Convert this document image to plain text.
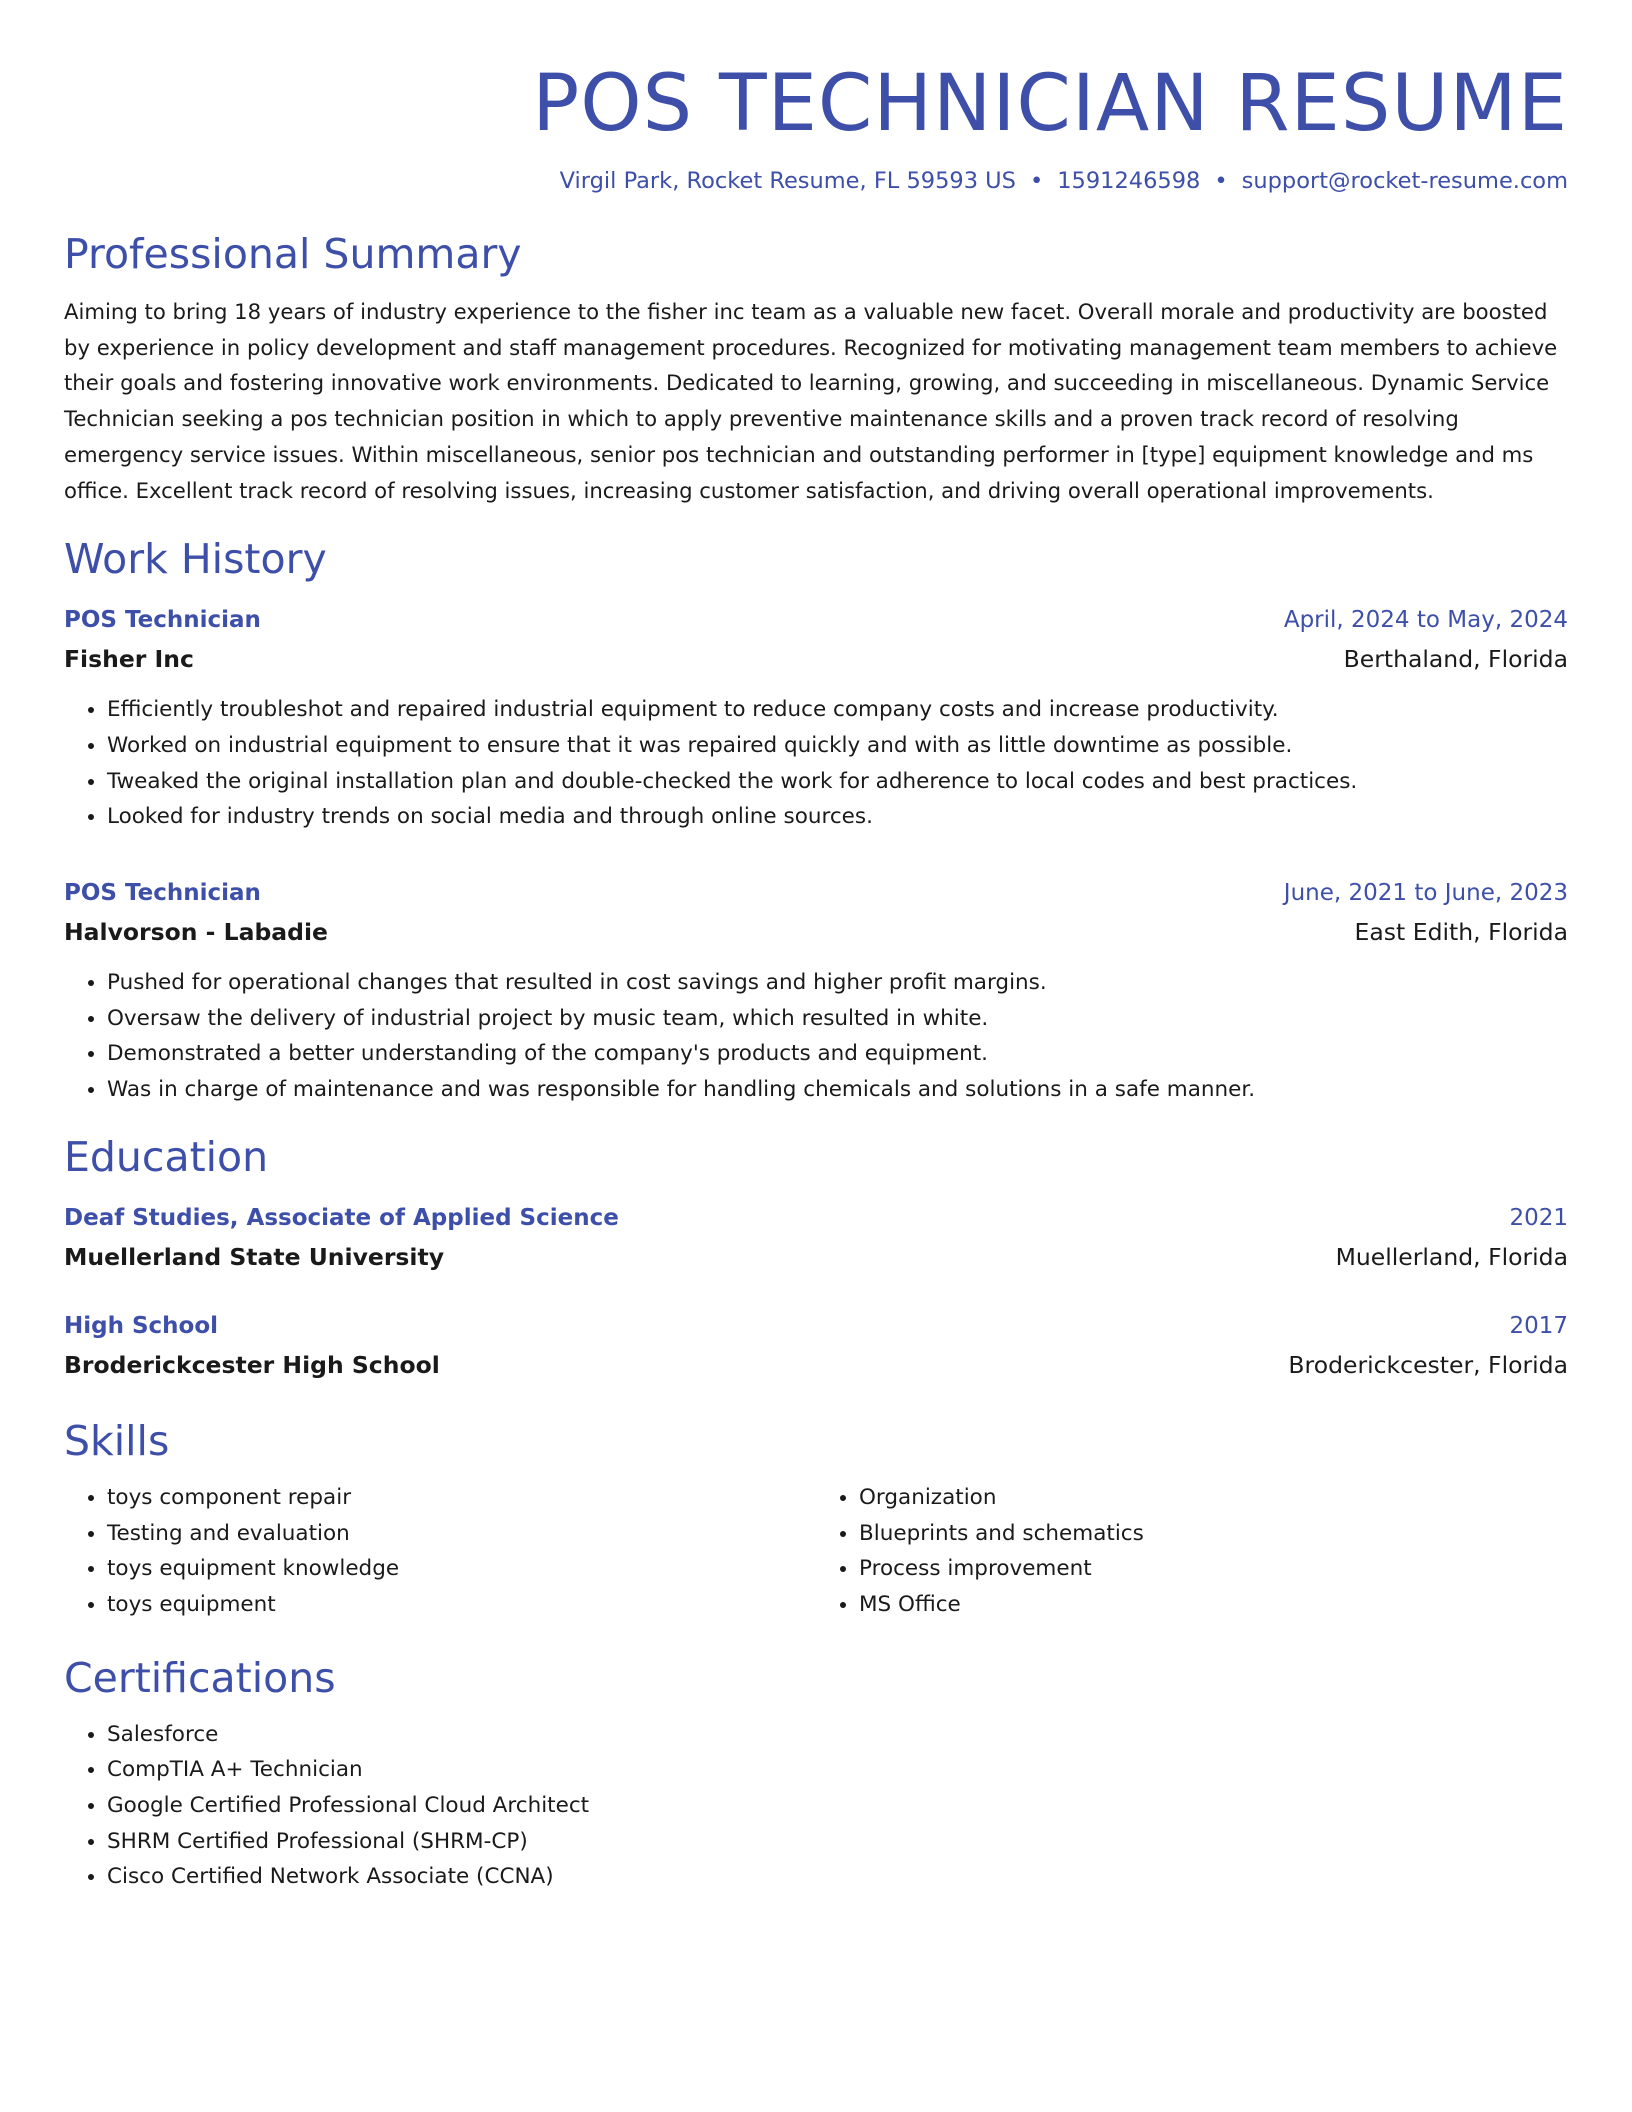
POS TECHNICIAN RESUME
Virgil Park, Rocket Resume, FL 59593 US • 1591246598 • support@rocket-resume.com
Professional Summary

Aiming to bring 18 years of industry experience to the fisher inc team as a valuable new facet. Overall morale and productivity are boosted by experience in policy development and staff management procedures. Recognized for motivating management team members to achieve their goals and fostering innovative work environments. Dedicated to learning, growing, and succeeding in miscellaneous. Dynamic Service Technician seeking a pos technician position in which to apply preventive maintenance skills and a proven track record of resolving emergency service issues. Within miscellaneous, senior pos technician and outstanding performer in [type] equipment knowledge and ms office. Excellent track record of resolving issues, increasing customer satisfaction, and driving overall operational improvements.

Work History
POS Technician	April, 2024 to May, 2024
Fisher Inc	Berthaland, Florida
• Efficiently troubleshot and repaired industrial equipment to reduce company costs and increase productivity.
• Worked on industrial equipment to ensure that it was repaired quickly and with as little downtime as possible.
• Tweaked the original installation plan and double-checked the work for adherence to local codes and best practices.
• Looked for industry trends on social media and through online sources.
POS Technician	June, 2021 to June, 2023
Halvorson - Labadie	East Edith, Florida
• Pushed for operational changes that resulted in cost savings and higher profit margins.
• Oversaw the delivery of industrial project by music team, which resulted in white.
• Demonstrated a better understanding of the company's products and equipment.
• Was in charge of maintenance and was responsible for handling chemicals and solutions in a safe manner.
Education
Deaf Studies, Associate of Applied Science	2021
Muellerland State University	Muellerland, Florida
High School	2017
Broderickcester High School	Broderickcester, Florida
Skills
• toys component repair
• Testing and evaluation
• toys equipment knowledge
• toys equipment
• Organization
• Blueprints and schematics
• Process improvement
• MS Office
Certifications
• Salesforce
• CompTIA A+ Technician
• Google Certified Professional Cloud Architect
• SHRM Certified Professional (SHRM-CP)
• Cisco Certified Network Associate (CCNA)
